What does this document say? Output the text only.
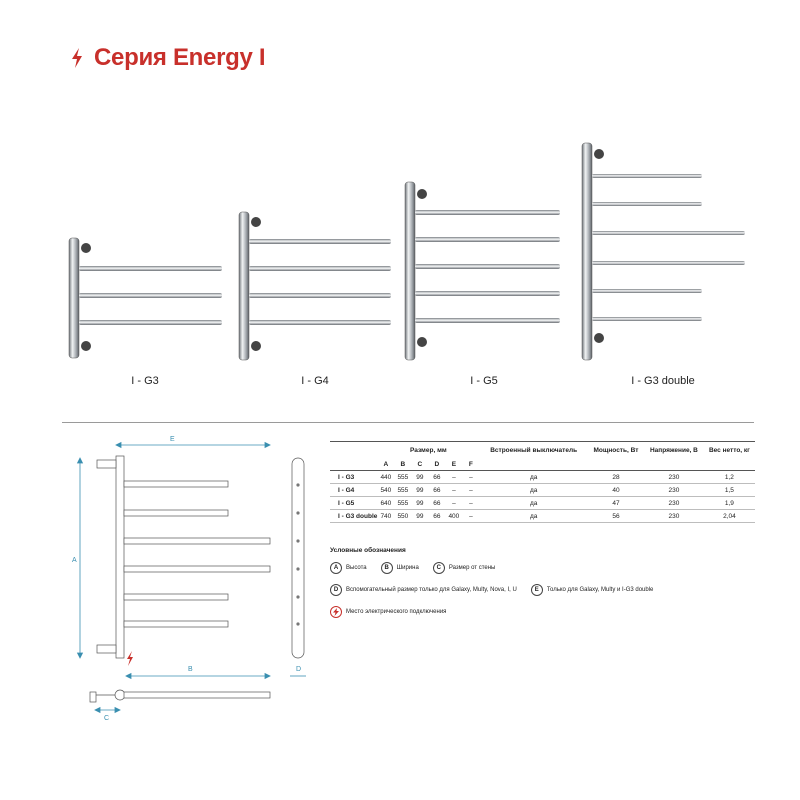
Серия Energy I
I - G3	I - G4	I - G5	I - G3 double
E
A
B
C
D
	Размер, мм						Встроенный выключатель	Мощность, Вт	Напряжение, В	Вес нетто, кг
	A	B	C	D	E	F				
I - G3	440	555	99	66	–	–	да	28	230	1,2
I - G4	540	555	99	66	–	–	да	40	230	1,5
I - G5	640	555	99	66	–	–	да	47	230	1,9
I - G3 double	740	550	99	66	400	–	да	56	230	2,04
Условные обозначения
A	Высота	B	Ширина	C	Размер от стены
D	Вспомогательный размер только для Galaxy, Multy, Nova, I, U	E	Только для Galaxy, Multy и I-G3 double
Место электрического подключения
